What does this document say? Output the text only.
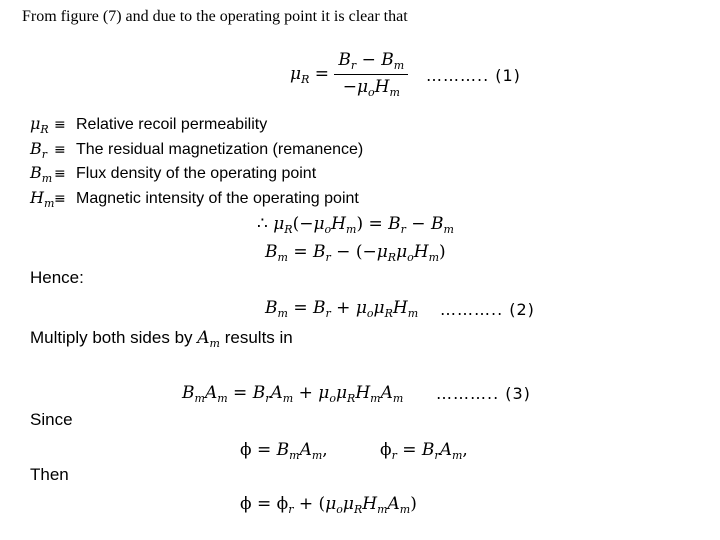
From figure (7) and due to the operating point it is clear that
$\mu_R = \frac{B_r - B_m}{-\mu_oH_m}$ ……….. (1)
$\mu_R$ ≡ Relative recoil permeability
$B_r$ ≡ The residual magnetization (remanence)
$B_m$ ≡ Flux density of the operating point
$H_m\equiv$ Magnetic intensity of the operating point
∴ $\mu_R(-\mu_oH_m) = B_r - B_m$
$B_m = B_r - (-\mu_R\mu_oH_m)$
Hence:
$B_m = B_r + \mu_o\mu_RH_m$ ……….. (2)
Multiply both sides by $A_m$ results in
$B_mA_m = B_rA_m + \mu_o\mu_RH_mA_m$ ……….. (3)
Since
$\phi = B_mA_m$,	$\phi_r = B_rA_m$,
Then
$\phi = \phi_r + (\mu_o\mu_RH_mA_m)$
